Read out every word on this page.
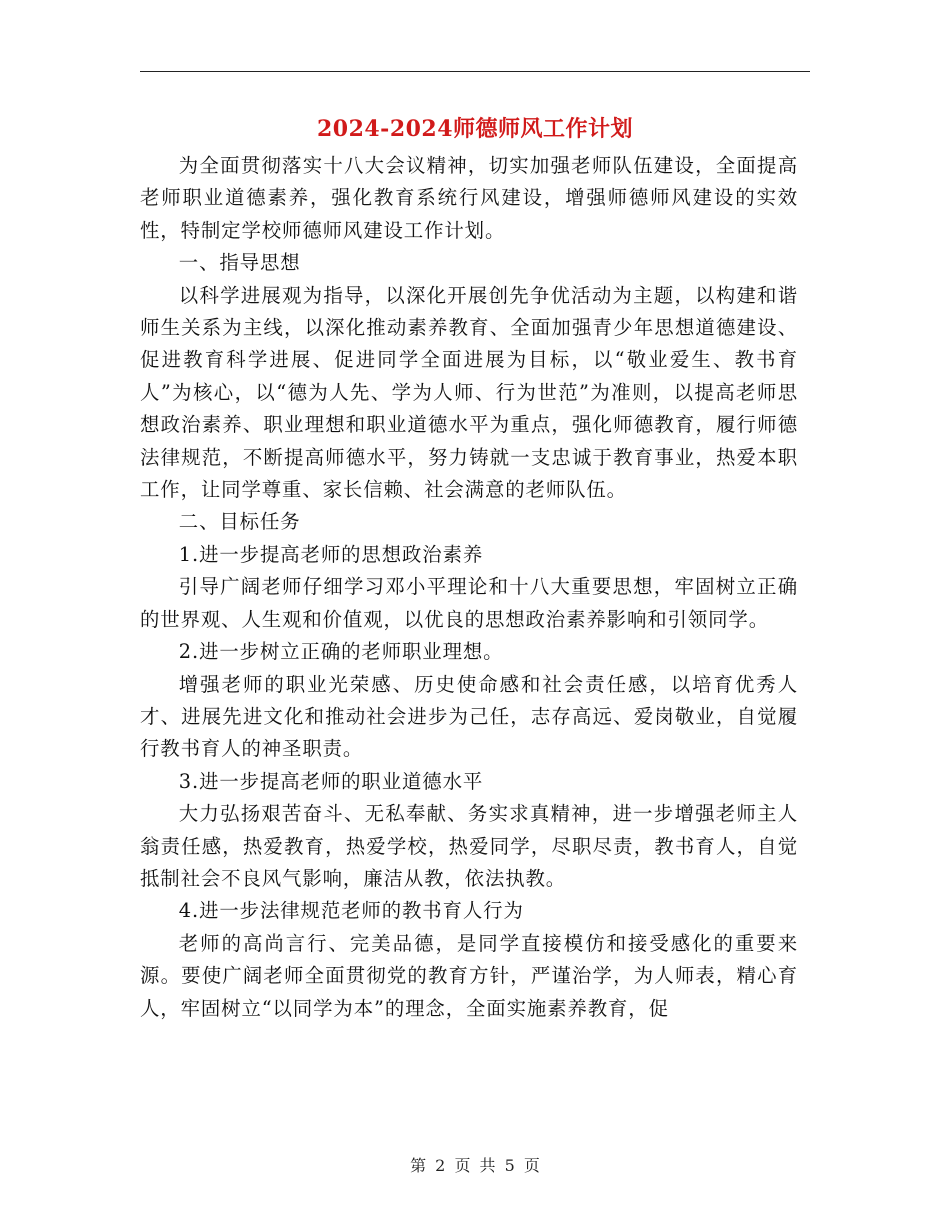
2024-2024师德师风工作计划

为全面贯彻落实十八大会议精神，切实加强老师队伍建设，全面提高老师职业道德素养，强化教育系统行风建设，增强师德师风建设的实效性，特制定学校师德师风建设工作计划。

一、指导思想

以科学进展观为指导，以深化开展创先争优活动为主题，以构建和谐师生关系为主线，以深化推动素养教育、全面加强青少年思想道德建设、促进教育科学进展、促进同学全面进展为目标，以“敬业爱生、教书育人”为核心，以“德为人先、学为人师、行为世范”为准则，以提高老师思想政治素养、职业理想和职业道德水平为重点，强化师德教育，履行师德法律规范，不断提高师德水平，努力铸就一支忠诚于教育事业，热爱本职工作，让同学尊重、家长信赖、社会满意的老师队伍。

二、目标任务

1.进一步提高老师的思想政治素养

引导广阔老师仔细学习邓小平理论和十八大重要思想，牢固树立正确的世界观、人生观和价值观，以优良的思想政治素养影响和引领同学。

2.进一步树立正确的老师职业理想。

增强老师的职业光荣感、历史使命感和社会责任感，以培育优秀人才、进展先进文化和推动社会进步为己任，志存高远、爱岗敬业，自觉履行教书育人的神圣职责。

3.进一步提高老师的职业道德水平

大力弘扬艰苦奋斗、无私奉献、务实求真精神，进一步增强老师主人翁责任感，热爱教育，热爱学校，热爱同学，尽职尽责，教书育人，自觉抵制社会不良风气影响，廉洁从教，依法执教。

4.进一步法律规范老师的教书育人行为

老师的高尚言行、完美品德，是同学直接模仿和接受感化的重要来源。要使广阔老师全面贯彻党的教育方针，严谨治学，为人师表，精心育人，牢固树立“以同学为本”的理念，全面实施素养教育，促

第 2 页 共 5 页
